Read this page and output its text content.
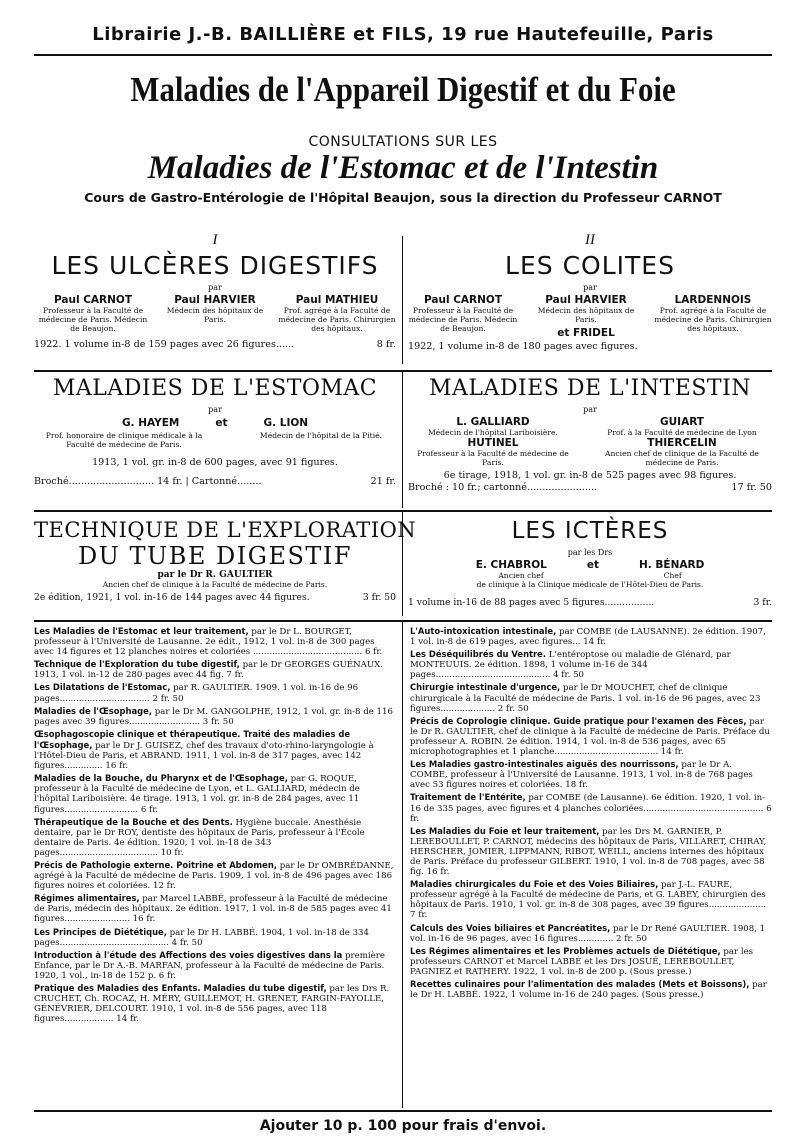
Librairie J.-B. BAILLIÈRE et FILS, 19 rue Hautefeuille, Paris
Maladies de l'Appareil Digestif et du Foie
CONSULTATIONS SUR LES
Maladies de l'Estomac et de l'Intestin
Cours de Gastro-Entérologie de l'Hôpital Beaujon, sous la direction du Professeur CARNOT
I
LES ULCÈRES DIGESTIFS
par
Paul CARNOT
Professeur à la Faculté de médecine de Paris. Médecin de Beaujon.
Paul HARVIER
Médecin des hôpitaux de Paris.
Paul MATHIEU
Prof. agrégé à la Faculté de médecine de Paris. Chirurgien des hôpitaux.
1922. 1 volume in-8 de 159 pages avec 26 figures......	8 fr.
II
LES COLITES
par
Paul CARNOT
Professeur à la Faculté de médecine de Paris. Médecin de Beaujon.
Paul HARVIER
Médecin des hôpitaux de Paris.
et FRIDEL
LARDENNOIS
Prof. agrégé à la Faculté de médecine de Paris. Chirurgien des hôpitaux.
1922, 1 volume in-8 de 180 pages avec figures.
MALADIES DE L'ESTOMAC
par
G. HAYEM	et	G. LION
Prof. honoraire de clinique médicale à la Faculté de médecine de Paris.
Médecin de l'hôpital de la Pitié.
1913, 1 vol. gr. in-8 de 600 pages, avec 91 figures.
Broché............................ 14 fr. | Cartonné........	21 fr.
MALADIES DE L'INTESTIN
par
L. GALLIARD
Médecin de l'hôpital Lariboisière.
HUTINEL
Professeur à la Faculté de médecine de Paris.
GUIART
Prof. à la Faculté de médecine de Lyon
THIERCELIN
Ancien chef de clinique de la Faculté de médecine de Paris.
6e tirage, 1918, 1 vol. gr. in-8 de 525 pages avec 98 figures.
Broché : 10 fr.; cartonné.......................	17 fr. 50
TECHNIQUE DE L'EXPLORATION
DU TUBE DIGESTIF
par le Dr R. GAULTIER
Ancien chef de clinique à la Faculté de médecine de Paris.
2e édition, 1921, 1 vol. in-16 de 144 pages avec 44 figures.	3 fr. 50
LES ICTÈRES
par les Drs
E. CHABROL	et	H. BÉNARD
Ancien chef	Chef
de clinique à la Clinique médicale de l'Hôtel-Dieu de Paris.
1 volume in-16 de 88 pages avec 5 figures.................	3 fr.
Les Maladies de l'Estomac et leur traitement, par le Dr L. BOURGET, professeur à l'Université de Lausanne. 2e édit., 1912, 1 vol. in-8 de 300 pages avec 14 figures et 12 planches noires et coloriées ........................................ 6 fr.
Technique de l'Exploration du tube digestif, par le Dr GEORGES GUÉNAUX. 1913, 1 vol. in-12 de 280 pages avec 44 fig. 7 fr.
Les Dilatations de l'Estomac, par R. GAULTIER. 1909. 1 vol. in-16 de 96 pages................................. 2 fr. 50
Maladies de l'Œsophage, par le Dr M. GANGOLPHE, 1912, 1 vol. gr. in-8 de 116 pages avec 39 figures.......................... 3 fr. 50
Œsophagoscopie clinique et thérapeutique. Traité des maladies de l'Œsophage, par le Dr J. GUISEZ, chef des travaux d'oto-rhino-laryngologie à l'Hôtel-Dieu de Paris, et ABRAND. 1911, 1 vol. in-8 de 317 pages, avec 142 figures.............. 16 fr.
Maladies de la Bouche, du Pharynx et de l'Œsophage, par G. ROQUE, professeur à la Faculté de médecine de Lyon, et L. GALLIARD, médecin de l'hôpital Lariboisière. 4e tirage. 1913, 1 vol. gr. in-8 de 284 pages, avec 11 figures........................... 6 fr.
Thérapeutique de la Bouche et des Dents. Hygiène buccale. Anesthésie dentaire, par le Dr ROY, dentiste des hôpitaux de Paris, professeur à l'École dentaire de Paris. 4e édition. 1920, 1 vol. in-18 de 343 pages.................................... 10 fr.
Précis de Pathologie externe. Poitrine et Abdomen, par le Dr OMBRÉDANNE, agrégé à la Faculté de médecine de Paris. 1909, 1 vol. in-8 de 496 pages avec 186 figures noires et coloriées. 12 fr.
Régimes alimentaires, par Marcel LABBÉ, professeur à la Faculté de médecine de Paris, médecin des hôpitaux. 2e édition. 1917, 1 vol. in-8 de 585 pages avec 41 figures........................ 16 fr.
Les Principes de Diététique, par le Dr H. LABBÉ. 1904, 1 vol. in-18 de 334 pages........................................ 4 fr. 50
Introduction à l'étude des Affections des voies digestives dans la première Enfance, par le Dr A.-B. MARFAN, professeur à la Faculté de médecine de Paris. 1920, 1 vol., in-18 de 152 p. 6 fr.
Pratique des Maladies des Enfants. Maladies du tube digestif, par les Drs R. CRUCHET, Ch. ROCAZ, H. MÉRY, GUILLEMOT, H. GRENET, FARGIN-FAYOLLE, GÉNÉVRIER, DELCOURT. 1910, 1 vol. in-8 de 556 pages, avec 118 figures.................. 14 fr.
L'Auto-intoxication intestinale, par COMBE (de LAUSANNE). 2e édition. 1907, 1 vol. in-8 de 619 pages, avec figures... 14 fr.
Les Déséquilibrés du Ventre. L'entéroptose ou maladie de Glénard, par MONTEUUIS. 2e édition. 1898, 1 volume in-16 de 344 pages.......................................... 4 fr. 50
Chirurgie intestinale d'urgence, par le Dr MOUCHET, chef de clinique chirurgicale à la Faculté de médecine de Paris. 1 vol. in-16 de 96 pages, avec 23 figures.................... 2 fr. 50
Précis de Coprologie clinique. Guide pratique pour l'examen des Fèces, par le Dr R. GAULTIER, chef de clinique à la Faculté de médecine de Paris. Préface du professeur A. ROBIN. 2e édition. 1914, 1 vol. in-8 de 536 pages, avec 65 microphotographies et 1 planche...................................... 14 fr.
Les Maladies gastro-intestinales aiguës des nourrissons, par le Dr A. COMBE, professeur à l'Université de Lausanne. 1913, 1 vol. in-8 de 768 pages avec 53 figures noires et coloriées. 18 fr.
Traitement de l'Entérite, par COMBE (de Lausanne). 6e édition. 1920, 1 vol. in-16 de 335 pages, avec figures et 4 planches coloriées............................................ 6 fr.
Les Maladies du Foie et leur traitement, par les Drs M. GARNIER, P. LEREBOULLET, P. CARNOT, médecins des hôpitaux de Paris, VILLARET, CHIRAY, HERSCHER, JOMIER, LIPPMANN, RIBOT, WEILL, anciens internes des hôpitaux de Paris. Préface du professeur GILBERT. 1910, 1 vol. in-8 de 708 pages, avec 58 fig. 16 fr.
Maladies chirurgicales du Foie et des Voies Biliaires, par J.-L. FAURE, professeur agrégé à la Faculté de médecine de Paris, et G. LABEY, chirurgien des hôpitaux de Paris. 1910, 1 vol. gr. in-8 de 308 pages, avec 39 figures..................... 7 fr.
Calculs des Voies biliaires et Pancréatites, par le Dr René GAULTIER. 1908, 1 vol. in-16 de 96 pages, avec 16 figures............. 2 fr. 50
Les Régimes alimentaires et les Problèmes actuels de Diététique, par les professeurs CARNOT et Marcel LABBÉ et les Drs JOSUÉ, LEREBOULLET, PAGNIEZ et RATHERY. 1922, 1 vol. in-8 de 200 p. (Sous presse.)
Recettes culinaires pour l'alimentation des malades (Mets et Boissons), par le Dr H. LABBÉ. 1922, 1 volume in-16 de 240 pages. (Sous presse.)
Ajouter 10 p. 100 pour frais d'envoi.
